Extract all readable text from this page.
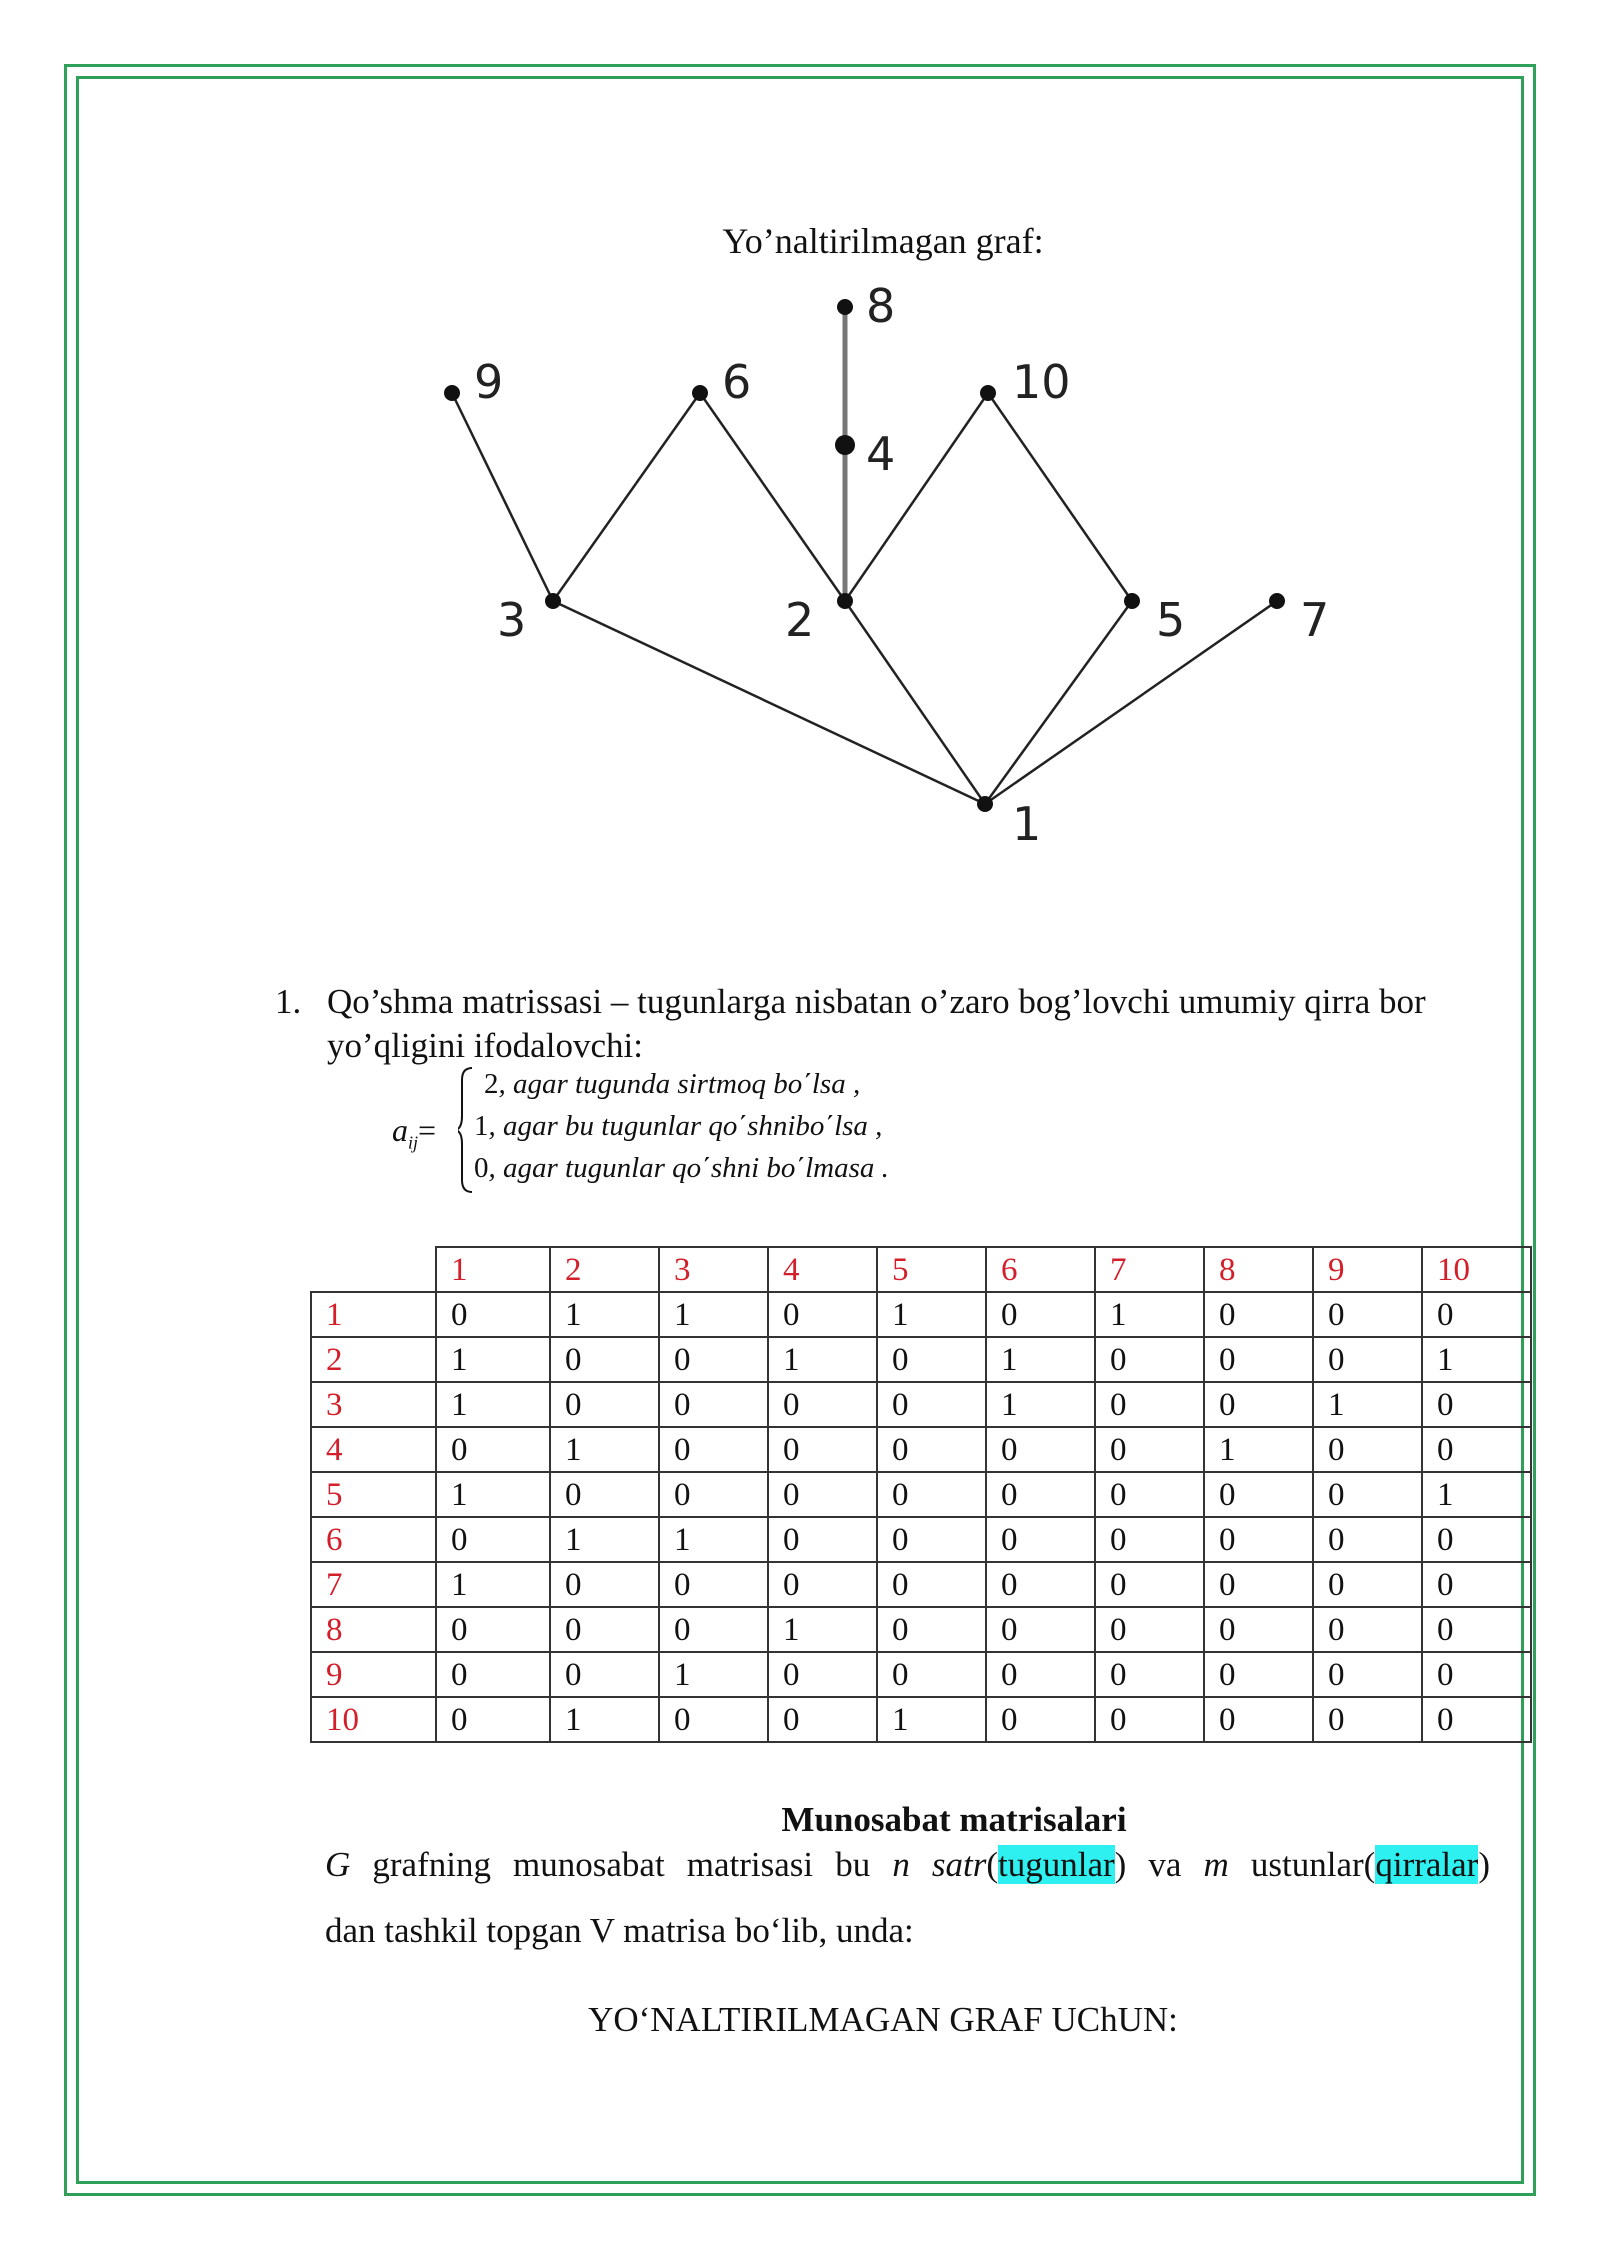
Yo’naltirilmagan graf:
1
2
3
4
5
6
7
8
9	10
1. Qo’shma matrissasi – tugunlarga nisbatan o’zaro bog’lovchi umumiy qirra bor yo’qligini ifodalovchi:
$a_{ij}=$
2, agar tugunda sirtmoq bo΄lsa ,
1, agar bu tugunlar qo΄shnibo΄lsa ,
0, agar tugunlar qo΄shni bo΄lmasa .
	1	2	3	4	5	6	7	8	9	10
1	0	1	1	0	1	0	1	0	0	0
2	1	0	0	1	0	1	0	0	0	1
3	1	0	0	0	0	1	0	0	1	0
4	0	1	0	0	0	0	0	1	0	0
5	1	0	0	0	0	0	0	0	0	1
6	0	1	1	0	0	0	0	0	0	0
7	1	0	0	0	0	0	0	0	0	0
8	0	0	0	1	0	0	0	0	0	0
9	0	0	1	0	0	0	0	0	0	0
10	0	1	0	0	1	0	0	0	0	0
Munosabat matrisalari
G grafning munosabat matrisasi bu n satr(tugunlar) va m ustunlar(qirralar)
dan tashkil topgan V matrisa bo‘lib, unda:
YO‘NALTIRILMAGAN GRAF UChUN:
